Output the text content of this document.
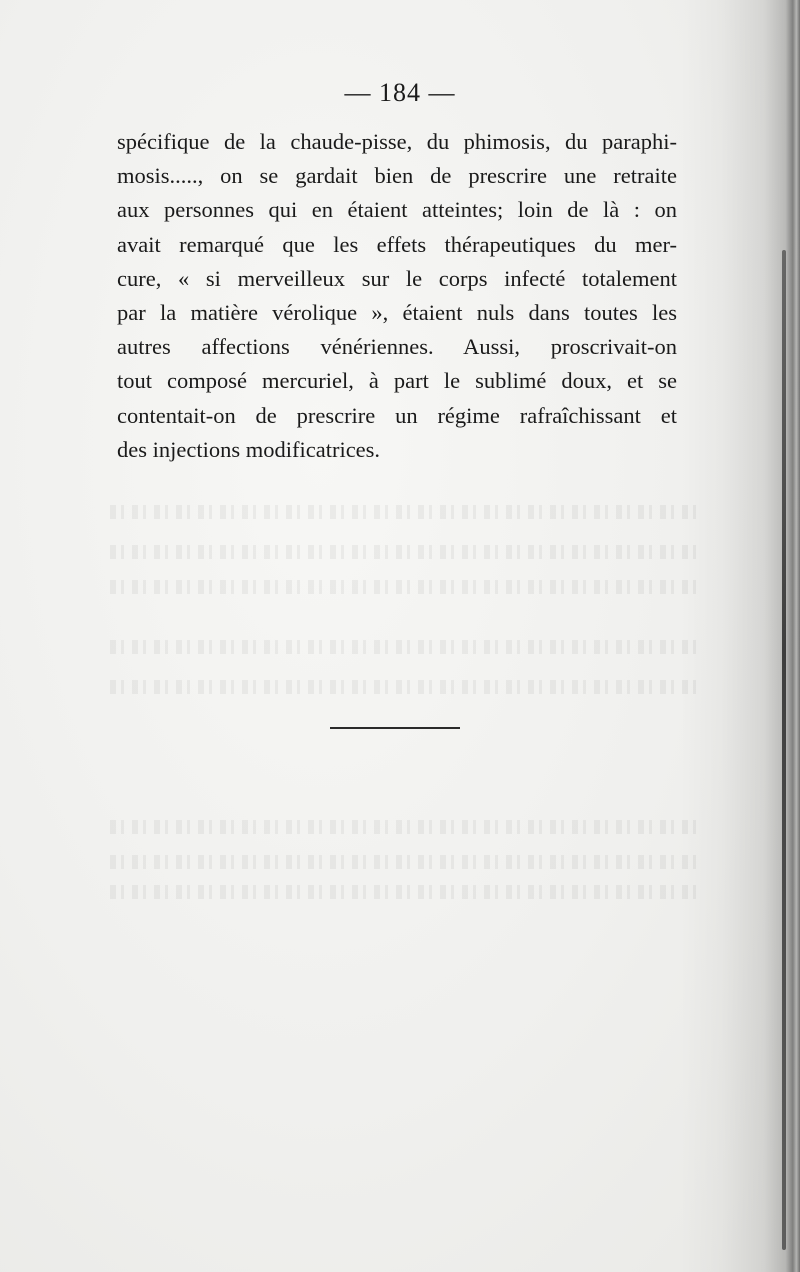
— 184 —
spécifique de la chaude-pisse, du phimosis, du paraphi-
mosis....., on se gardait bien de prescrire une retraite
aux personnes qui en étaient atteintes; loin de là : on
avait remarqué que les effets thérapeutiques du mer-
cure, « si merveilleux sur le corps infecté totalement
par la matière vérolique », étaient nuls dans toutes les
autres affections vénériennes. Aussi, proscrivait-on
tout composé mercuriel, à part le sublimé doux, et se
contentait-on de prescrire un régime rafraîchissant et
des injections modificatrices.
